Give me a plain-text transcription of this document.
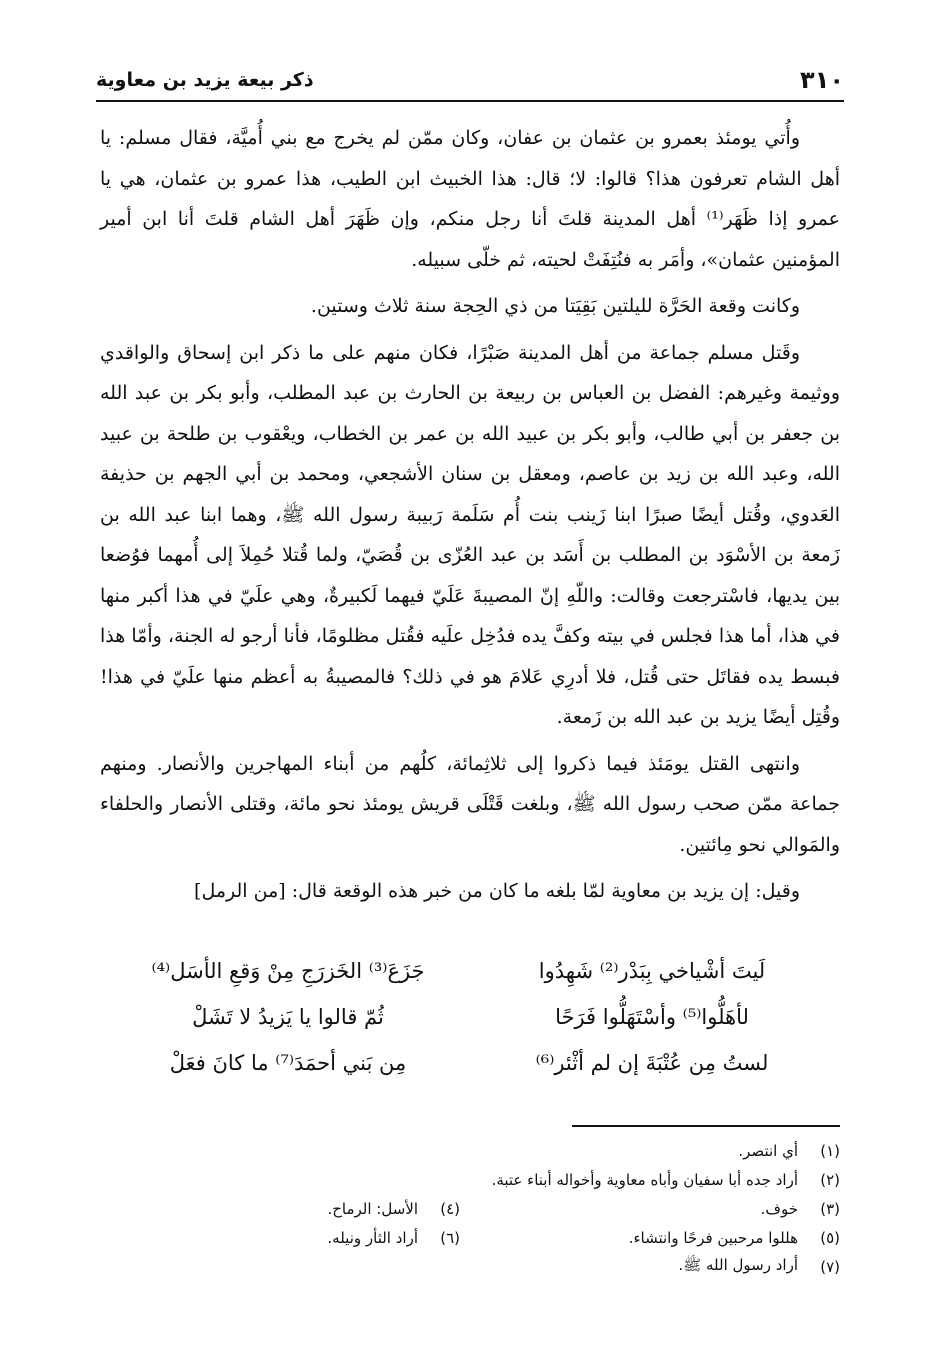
٣١٠
ذكر بيعة يزيد بن معاوية

وأُتي يومئذ بعمرو بن عثمان بن عفان، وكان ممّن لم يخرج مع بني أُميَّة، فقال مسلم: يا أهل الشام تعرفون هذا؟ قالوا: لا؛ قال: هذا الخبيث ابن الطيب، هذا عمرو بن عثمان، هي يا عمرو إذا ظَهَر⁽¹⁾ أهل المدينة قلتَ أنا رجل منكم، وإن ظَهَرَ أهل الشام قلتَ أنا ابن أمير المؤمنين عثمان»، وأمَر به فنُتِفَتْ لحيته، ثم خلّى سبيله.

وكانت وقعة الحَرَّة لليلتين بَقِيَتا من ذي الحِجة سنة ثلاث وستين.

وقَتل مسلم جماعة من أهل المدينة صَبْرًا، فكان منهم على ما ذكر ابن إسحاق والواقدي ووثيمة وغيرهم: الفضل بن العباس بن ربيعة بن الحارث بن عبد المطلب، وأبو بكر بن عبد الله بن جعفر بن أبي طالب، وأبو بكر بن عبيد الله بن عمر بن الخطاب، ويعْقوب بن طلحة بن عبيد الله، وعبد الله بن زيد بن عاصم، ومعقل بن سنان الأشجعي، ومحمد بن أبي الجهم بن حذيفة العَدوي، وقُتل أيضًا صبرًا ابنا زَينب بنت أُم سَلَمة رَبيبة رسول الله ﷺ، وهما ابنا عبد الله بن زَمعة بن الأسْوَد بن المطلب بن أَسَد بن عبد العُزّى بن قُصَيّ، ولما قُتلا حُمِلاَ إلى أُمهما فوُضعا بين يديها، فاسْترجعت وقالت: واللّهِ إنّ المصيبةَ عَلَيّ فيهما لَكبيرةٌ، وهي علَيّ في هذا أكبر منها في هذا، أما هذا فجلس في بيته وكفَّ يده فدُخِل علَيه فقُتل مظلومًا، فأنا أرجو له الجنة، وأمّا هذا فبسط يده فقاتَل حتى قُتل، فلا أدرِي عَلامَ هو في ذلك؟ فالمصيبةُ به أعظم منها علَيّ في هذا! وقُتِل أيضًا يزيد بن عبد الله بن زَمعة.

وانتهى القتل يومَئذ فيما ذكروا إلى ثلاثِمائة، كلُهم من أبناء المهاجرين والأنصار. ومنهم جماعة ممّن صحب رسول الله ﷺ، وبلغت قَتْلَى قريش يومئذ نحو مائة، وقتلى الأنصار والحلفاء والمَوالي نحو مِائتين.

وقيل: إن يزيد بن معاوية لمّا بلغه ما كان من خبر هذه الوقعة قال: [من الرمل]

لَيتَ أشْياخي بِبَدْر⁽²⁾ شَهِدُوا
جَزَعَ⁽³⁾ الخَزرَجِ مِنْ وَقعِ الأسَل⁽⁴⁾
لأهَلُّوا⁽⁵⁾ وأسْتَهَلُّوا فَرَحًا
ثُمّ قالوا يا يَزيدُ لا تَشَلْ
لستُ مِن عُتْبَةَ إن لم أثْئر⁽⁶⁾
مِن بَني أحمَدَ⁽⁷⁾ ما كانَ فعَلْ
(١)
أي انتصر.
(٢)
أراد جده أبا سفيان وأباه معاوية وأخواله أبناء عتبة.
(٣)
خوف.
(٤)
الأسل: الرماح.
(٥)
هللوا مرحبين فرحًا وانتشاء.
(٦)
أراد الثأر ونيله.
(٧)
أراد رسول الله ﷺ.
